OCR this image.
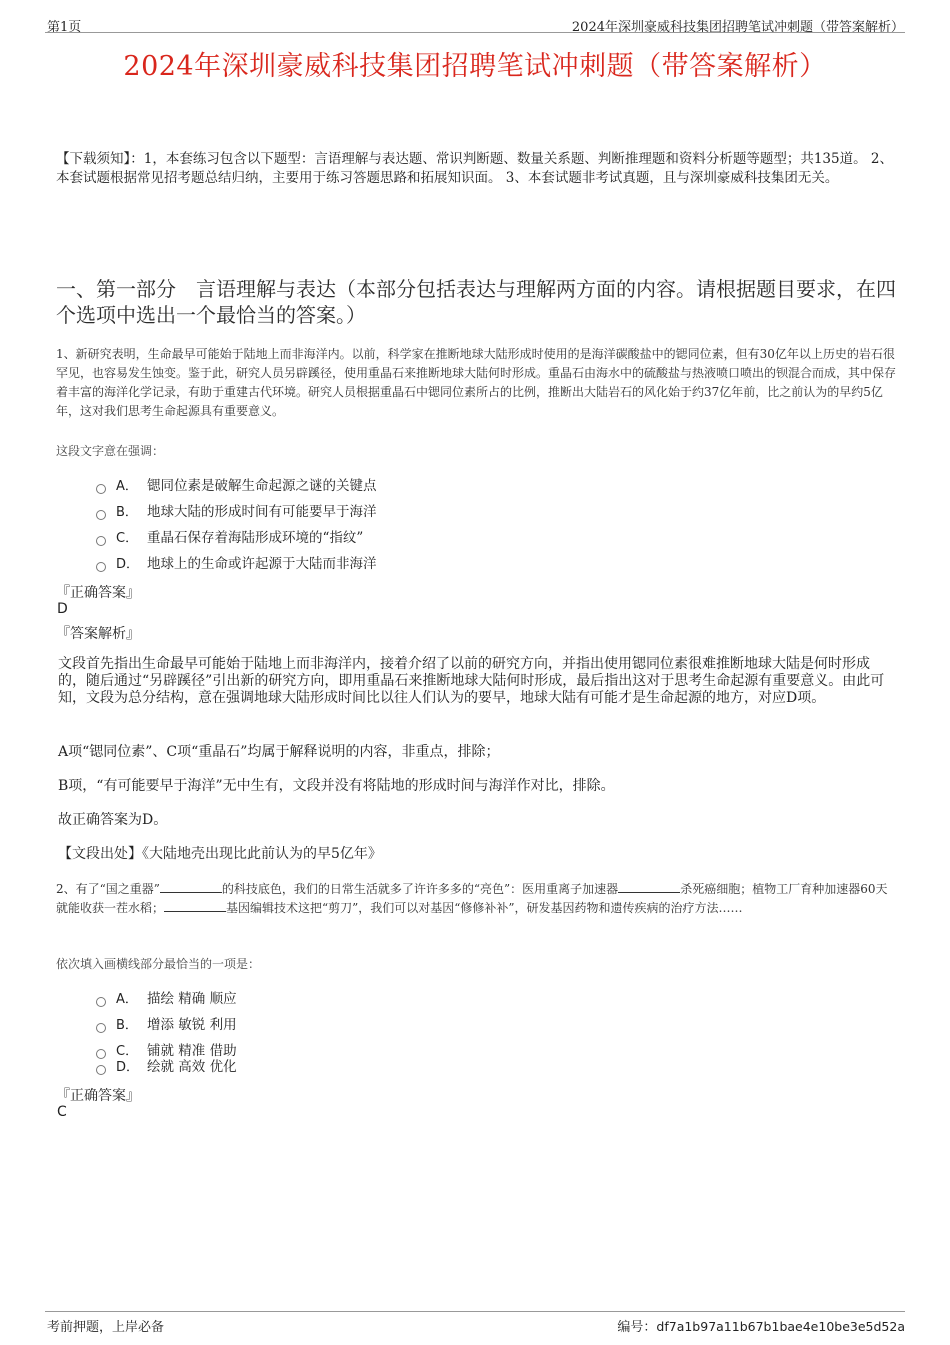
第1页	2024年深圳豪威科技集团招聘笔试冲刺题（带答案解析）
2024年深圳豪威科技集团招聘笔试冲刺题（带答案解析）
【下载须知】：1，本套练习包含以下题型：言语理解与表达题、常识判断题、数量关系题、判断推理题和资料分析题等题型；共135道。 2、本套试题根据常见招考题总结归纳，主要用于练习答题思路和拓展知识面。 3、本套试题非考试真题，且与深圳豪威科技集团无关。
一、第一部分　言语理解与表达（本部分包括表达与理解两方面的内容。请根据题目要求，在四个选项中选出一个最恰当的答案。）
1、新研究表明，生命最早可能始于陆地上而非海洋内。以前，科学家在推断地球大陆形成时使用的是海洋碳酸盐中的锶同位素，但有30亿年以上历史的岩石很罕见，也容易发生蚀变。鉴于此，研究人员另辟蹊径，使用重晶石来推断地球大陆何时形成。重晶石由海水中的硫酸盐与热液喷口喷出的钡混合而成，其中保存着丰富的海洋化学记录，有助于重建古代环境。研究人员根据重晶石中锶同位素所占的比例，推断出大陆岩石的风化始于约37亿年前，比之前认为的早约5亿年，这对我们思考生命起源具有重要意义。
这段文字意在强调：
A． 锶同位素是破解生命起源之谜的关键点
B． 地球大陆的形成时间有可能要早于海洋
C． 重晶石保存着海陆形成环境的“指纹”
D． 地球上的生命或许起源于大陆而非海洋
『正确答案』
D
『答案解析』
文段首先指出生命最早可能始于陆地上而非海洋内，接着介绍了以前的研究方向，并指出使用锶同位素很难推断地球大陆是何时形成的，随后通过“另辟蹊径”引出新的研究方向，即用重晶石来推断地球大陆何时形成，最后指出这对于思考生命起源有重要意义。由此可知，文段为总分结构，意在强调地球大陆形成时间比以往人们认为的要早，地球大陆有可能才是生命起源的地方，对应D项。
A项“锶同位素”、C项“重晶石”均属于解释说明的内容，非重点，排除；
B项，“有可能要早于海洋”无中生有，文段并没有将陆地的形成时间与海洋作对比，排除。
故正确答案为D。
【文段出处】《大陆地壳出现比此前认为的早5亿年》
2、有了“国之重器”	的科技底色，我们的日常生活就多了许许多多的“亮色”：医用重离子加速器	杀死癌细胞；植物工厂育种加速器60天就能收获一茬水稻；	基因编辑技术这把“剪刀”，我们可以对基因“修修补补”，研发基因药物和遗传疾病的治疗方法……
依次填入画横线部分最恰当的一项是：
A． 描绘 精确 顺应
B． 增添 敏锐 利用
C． 铺就 精准 借助
D． 绘就 高效 优化
『正确答案』
C
考前押题，上岸必备	编号：df7a1b97a11b67b1bae4e10be3e5d52a
